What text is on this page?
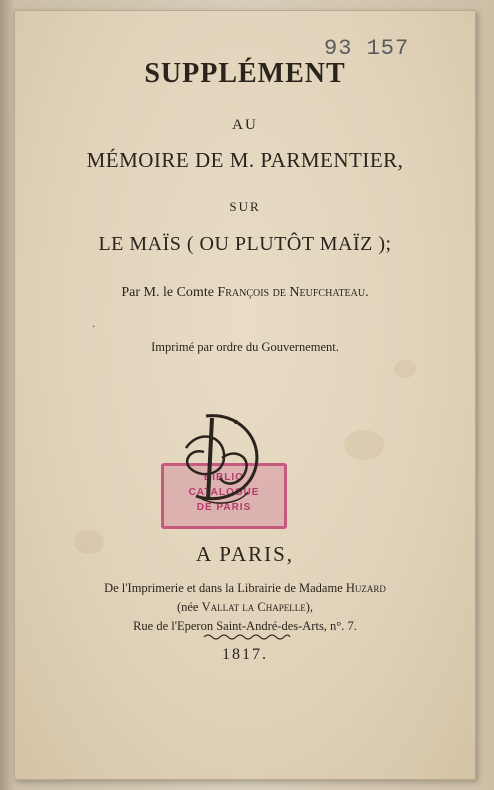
93 157
SUPPLÉMENT
AU
MÉMOIRE DE M. PARMENTIER,
SUR
LE MAÏS ( OU PLUTÔT MAÏZ );
Par M. le Comte François de Neufchateau.
·
Imprimé par ordre du Gouvernement.
BIBLIO
CATALOGUE
DE PARIS
A PARIS,
De l'Imprimerie et dans la Librairie de Madame Huzard
(née Vallat la Chapelle),
Rue de l'Eperon Saint-André-des-Arts, n°. 7.
1817.
